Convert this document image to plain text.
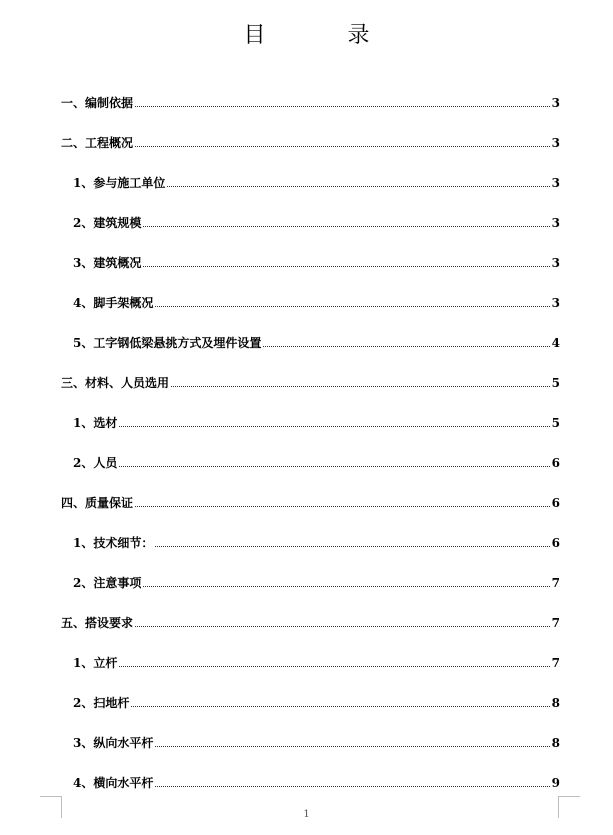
目	录
一、编制依据	3
二、工程概况	3
1、参与施工单位	3
2、建筑规模	3
3、建筑概况	3
4、脚手架概况	3
5、工字钢低梁悬挑方式及埋件设置	4
三、材料、人员选用	5
1、选材	5
2、人员	6
四、质量保证	6
1、技术细节：	6
2、注意事项	7
五、搭设要求	7
1、立杆	7
2、扫地杆	8
3、纵向水平杆	8
4、横向水平杆	9
1
